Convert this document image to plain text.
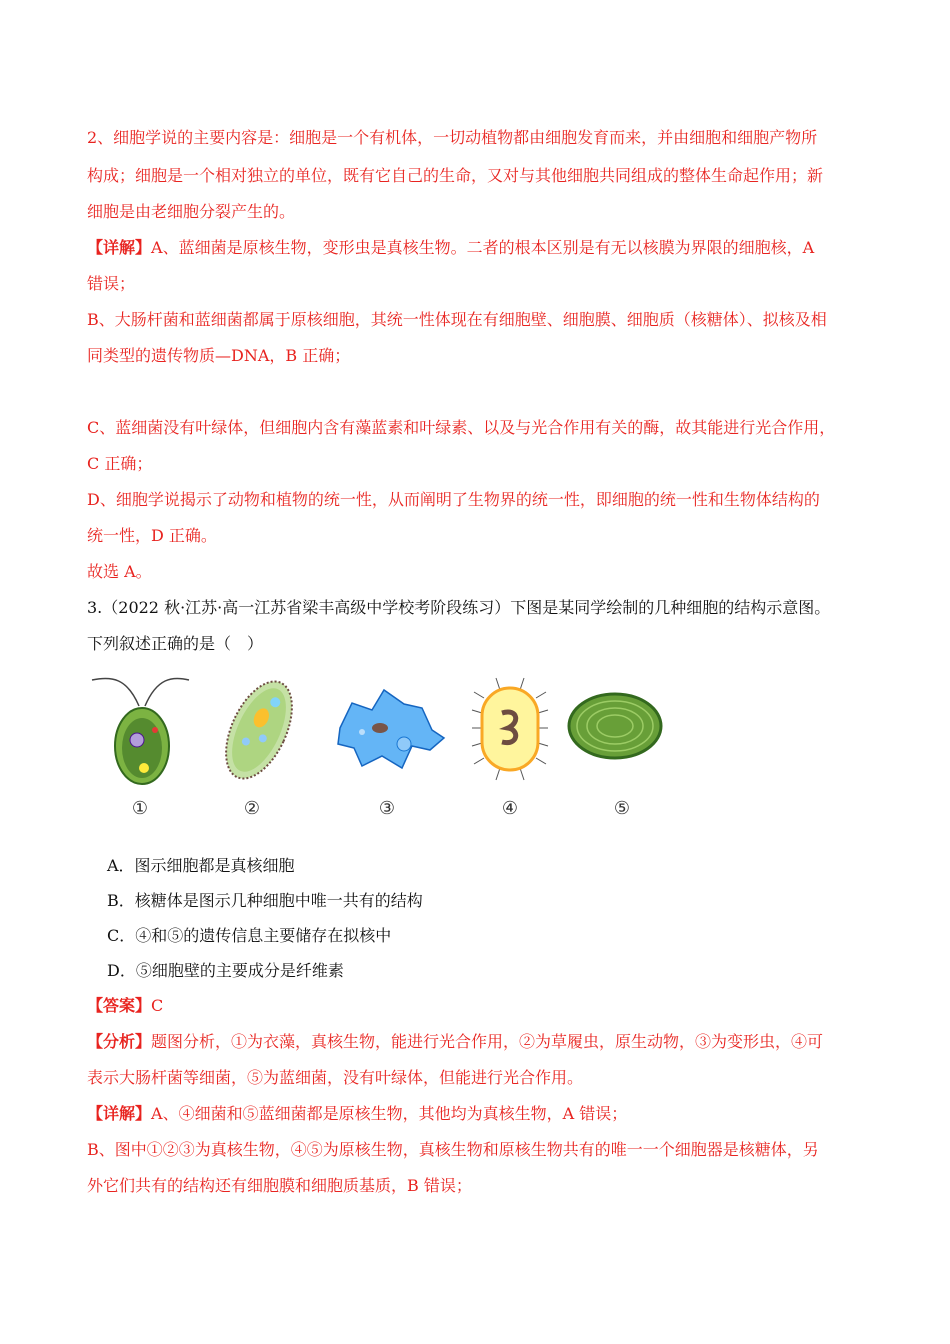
2、细胞学说的主要内容是：细胞是一个有机体，一切动植物都由细胞发育而来，并由细胞和细胞产物所
构成；细胞是一个相对独立的单位，既有它自己的生命，又对与其他细胞共同组成的整体生命起作用；新
细胞是由老细胞分裂产生的。
【详解】A、蓝细菌是原核生物，变形虫是真核生物。二者的根本区别是有无以核膜为界限的细胞核，A
错误；
B、大肠杆菌和蓝细菌都属于原核细胞，其统一性体现在有细胞壁、细胞膜、细胞质（核糖体）、拟核及相
同类型的遗传物质—DNA，B 正确；
C、蓝细菌没有叶绿体，但细胞内含有藻蓝素和叶绿素、以及与光合作用有关的酶，故其能进行光合作用，
C 正确；
D、细胞学说揭示了动物和植物的统一性，从而阐明了生物界的统一性，即细胞的统一性和生物体结构的
统一性，D 正确。
故选 A。
3.（2022 秋·江苏·高一江苏省梁丰高级中学校考阶段练习）下图是某同学绘制的几种细胞的结构示意图。
下列叙述正确的是（　）
①	②	③	④	⑤
A．图示细胞都是真核细胞
B．核糖体是图示几种细胞中唯一共有的结构
C．④和⑤的遗传信息主要储存在拟核中
D．⑤细胞壁的主要成分是纤维素
【答案】C
【分析】题图分析，①为衣藻，真核生物，能进行光合作用，②为草履虫，原生动物，③为变形虫，④可
表示大肠杆菌等细菌，⑤为蓝细菌，没有叶绿体，但能进行光合作用。
【详解】A、④细菌和⑤蓝细菌都是原核生物，其他均为真核生物，A 错误；
B、图中①②③为真核生物，④⑤为原核生物，真核生物和原核生物共有的唯一一个细胞器是核糖体，另
外它们共有的结构还有细胞膜和细胞质基质，B 错误；
